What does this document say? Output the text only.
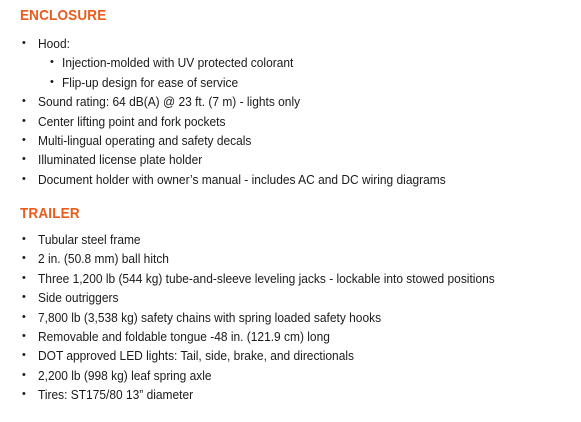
ENCLOSURE
• Hood:
• Injection-molded with UV protected colorant
• Flip-up design for ease of service
• Sound rating: 64 dB(A) @ 23 ft. (7 m) - lights only
• Center lifting point and fork pockets
• Multi-lingual operating and safety decals
• Illuminated license plate holder
• Document holder with owner’s manual - includes AC and DC wiring diagrams
TRAILER
• Tubular steel frame
• 2 in. (50.8 mm) ball hitch
• Three 1,200 lb (544 kg) tube-and-sleeve leveling jacks - lockable into stowed positions
• Side outriggers
• 7,800 lb (3,538 kg) safety chains with spring loaded safety hooks
• Removable and foldable tongue -48 in. (121.9 cm) long
• DOT approved LED lights: Tail, side, brake, and directionals
• 2,200 lb (998 kg) leaf spring axle
• Tires: ST175/80 13” diameter
